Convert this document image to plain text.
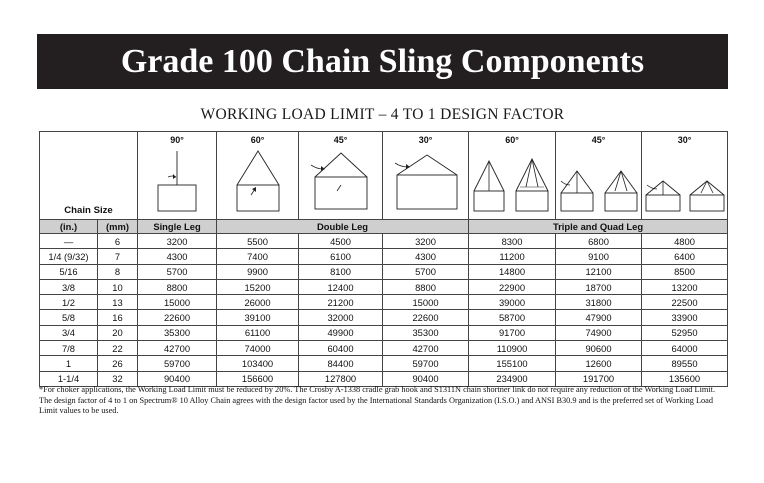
Grade 100 Chain Sling Components
WORKING LOAD LIMIT – 4 TO 1 DESIGN FACTOR
Chain Size		90°	60°	45°	30°	60°	45°	30°

(in.)	(mm)	Single Leg	Double Leg			Triple and Quad Leg		
—	6	3200	5500	4500	3200	8300	6800	4800
1/4 (9/32)	7	4300	7400	6100	4300	11200	9100	6400
5/16	8	5700	9900	8100	5700	14800	12100	8500
3/8	10	8800	15200	12400	8800	22900	18700	13200
1/2	13	15000	26000	21200	15000	39000	31800	22500
5/8	16	22600	39100	32000	22600	58700	47900	33900
3/4	20	35300	61100	49900	35300	91700	74900	52950
7/8	22	42700	74000	60400	42700	110900	90600	64000
1	26	59700	103400	84400	59700	155100	12600	89550
1-1/4	32	90400	156600	127800	90400	234900	191700	135600
*For choker applications, the Working Load Limit must be reduced by 20%. The Crosby A-1338 cradle grab hook and S1311N chain shortner link do not require any reduction of the Working Load Limit. The design factor of 4 to 1 on Spectrum® 10 Alloy Chain agrees with the design factor used by the International Standards Organization (I.S.O.) and ANSI B30.9 and is the preferred set of Working Load Limit values to be used.
